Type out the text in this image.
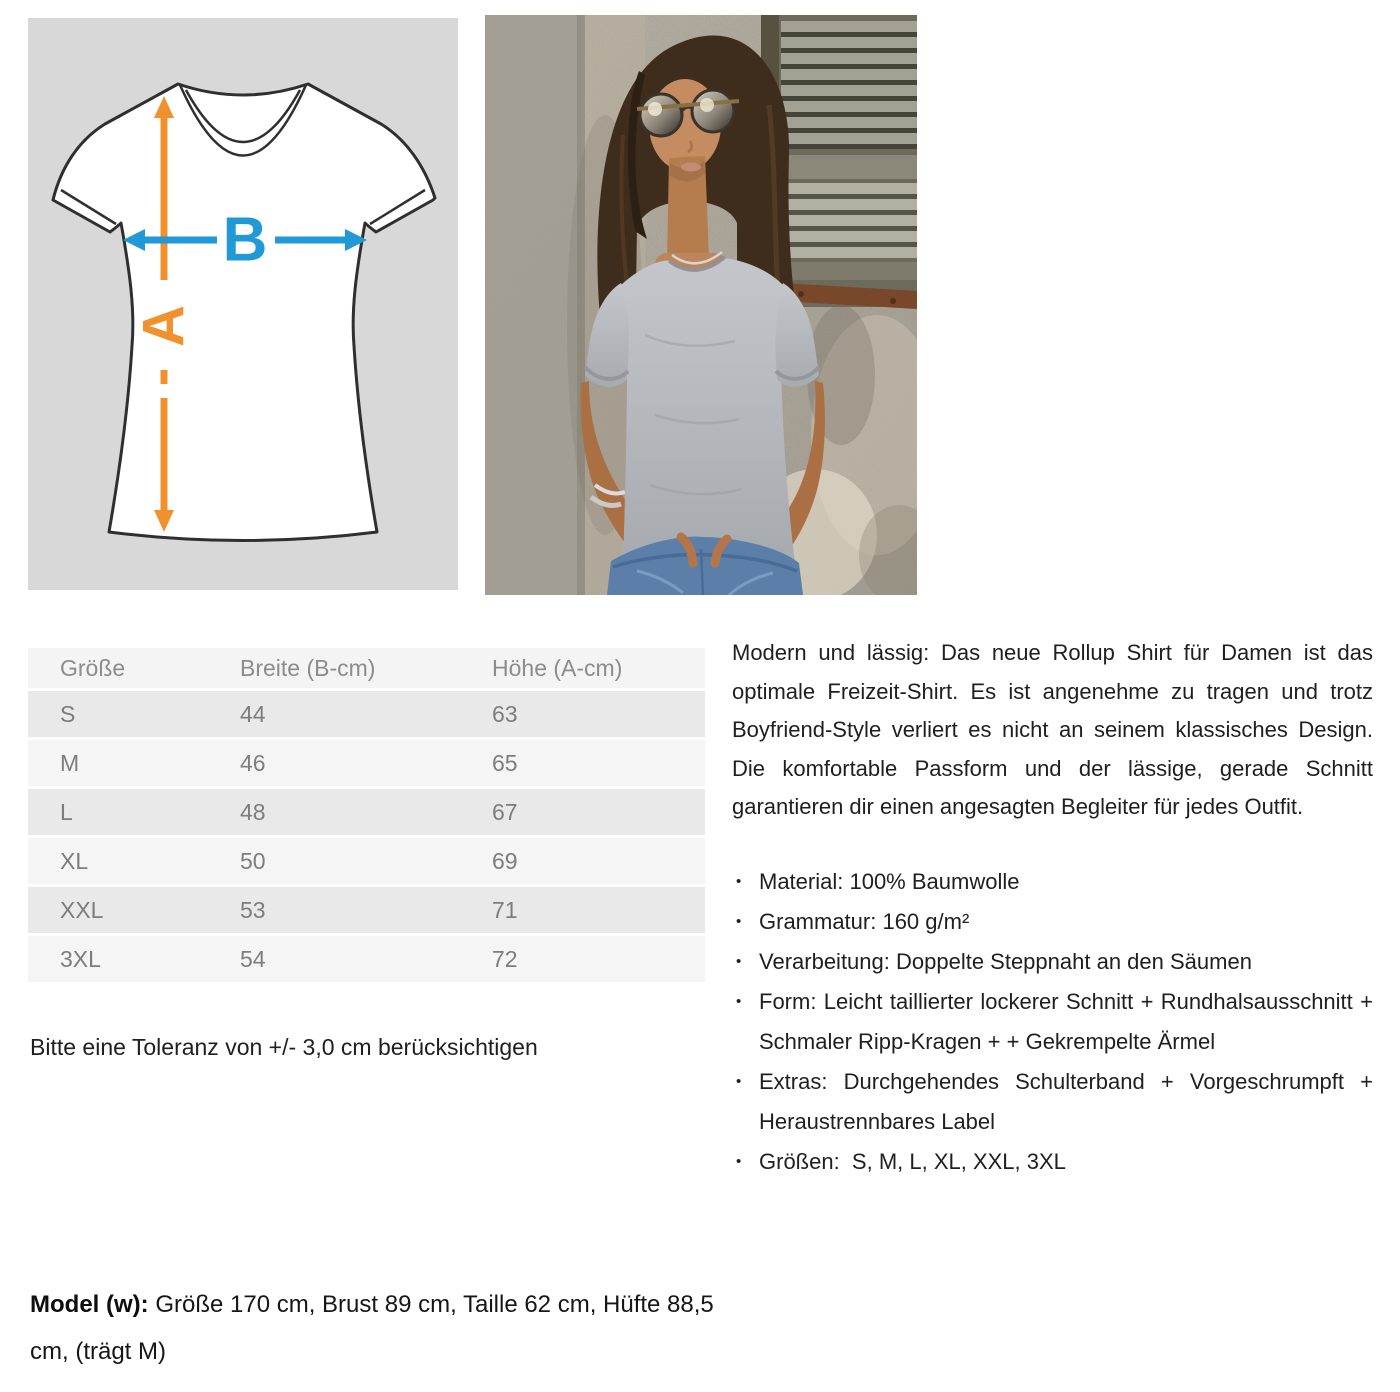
A
B
Größe	Breite (B-cm)	Höhe (A-cm)
S	44	63
M	46	65
L	48	67
XL	50	69
XXL	53	71
3XL	54	72
Bitte eine Toleranz von +/- 3,0 cm berücksichtigen

Modern und lässig: Das neue Rollup Shirt für Damen ist das optimale Freizeit-Shirt. Es ist angenehme zu tragen und trotz Boyfriend-Style verliert es nicht an seinem klassisches Design. Die komfortable Passform und der lässige, gerade Schnitt garantieren dir einen angesagten Begleiter für jedes Outfit.

• Material: 100% Baumwolle
• Grammatur: 160 g/m²
• Verarbeitung: Doppelte Steppnaht an den Säumen
• Form: Leicht taillierter lockerer Schnitt + Rundhalsausschnitt + Schmaler Ripp-Kragen + + Gekrempelte Ärmel
• Extras: Durchgehendes Schulterband + Vorgeschrumpft + Heraustrennbares Label
• Größen:  S, M, L, XL, XXL, 3XL
Model (w): Größe 170 cm, Brust 89 cm, Taille 62 cm, Hüfte 88,5 cm, (trägt M)
